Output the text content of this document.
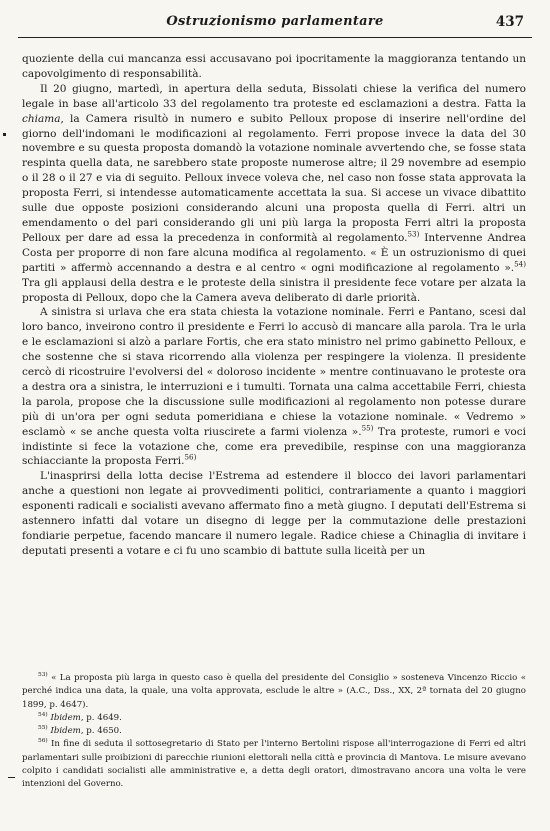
Ostruzionismo parlamentare	437

quoziente della cui mancanza essi accusavano poi ipocritamente la maggioranza tentando un capovolgimento di responsabilità.

Il 20 giugno, martedì, in apertura della seduta, Bissolati chiese la verifica del numero legale in base all'articolo 33 del regolamento tra proteste ed esclamazioni a destra. Fatta la chiama, la Camera risultò in numero e subito Pelloux propose di inserire nell'ordine del giorno dell'indomani le modificazioni al regolamento. Ferri propose invece la data del 30 novembre e su questa proposta domandò la votazione nominale avvertendo che, se fosse stata respinta quella data, ne sarebbero state proposte numerose altre; il 29 novembre ad esempio o il 28 o il 27 e via di seguito. Pelloux invece voleva che, nel caso non fosse stata approvata la proposta Ferri, si intendesse automaticamente accettata la sua. Si accese un vivace dibattito sulle due opposte posizioni considerando alcuni una proposta quella di Ferri. altri un emendamento o del pari considerando gli uni più larga la proposta Ferri altri la proposta Pelloux per dare ad essa la precedenza in conformità al regolamento.$^{53)}$ Intervenne Andrea Costa per proporre di non fare alcuna modifica al regolamento. « È un ostruzionismo di quei partiti » affermò accennando a destra e al centro « ogni modificazione al regolamento ».$^{54)}$ Tra gli applausi della destra e le proteste della sinistra il presidente fece votare per alzata la proposta di Pelloux, dopo che la Camera aveva deliberato di darle priorità.

A sinistra si urlava che era stata chiesta la votazione nominale. Ferri e Pantano, scesi dal loro banco, inveirono contro il presidente e Ferri lo accusò di mancare alla parola. Tra le urla e le esclamazioni si alzò a parlare Fortis, che era stato ministro nel primo gabinetto Pelloux, e che sostenne che si stava ricorrendo alla violenza per respingere la violenza. Il presidente cercò di ricostruire l'evolversi del « doloroso incidente » mentre continuavano le proteste ora a destra ora a sinistra, le interruzioni e i tumulti. Tornata una calma accettabile Ferri, chiesta la parola, propose che la discussione sulle modificazioni al regolamento non potesse durare più di un'ora per ogni seduta pomeridiana e chiese la votazione nominale. « Vedremo » esclamò « se anche questa volta riuscirete a farmi violenza ».$^{55)}$ Tra proteste, rumori e voci indistinte si fece la votazione che, come era prevedibile, respinse con una maggioranza schiacciante la proposta Ferri.$^{56)}$

L'inasprirsi della lotta decise l'Estrema ad estendere il blocco dei lavori parlamentari anche a questioni non legate ai provvedimenti politici, contrariamente a quanto i maggiori esponenti radicali e socialisti avevano affermato fino a metà giugno. I deputati dell'Estrema si astennero infatti dal votare un disegno di legge per la commutazione delle prestazioni fondiarie perpetue, facendo mancare il numero legale. Radice chiese a Chinaglia di invitare i deputati presenti a votare e ci fu uno scambio di battute sulla liceità per un

$^{53)}$ « La proposta più larga in questo caso è quella del presidente del Consiglio » sosteneva Vincenzo Riccio « perché indica una data, la quale, una volta approvata, esclude le altre » (A.C., Dss., XX, 2ª tornata del 20 giugno 1899, p. 4647).

$^{54)}$ Ibidem, p. 4649.

$^{55)}$ Ibidem, p. 4650.

$^{56)}$ In fine di seduta il sottosegretario di Stato per l'interno Bertolini rispose all'interrogazione di Ferri ed altri parlamentari sulle proibizioni di parecchie riunioni elettorali nella città e provincia di Mantova. Le misure avevano colpito i candidati socialisti alle amministrative e, a detta degli oratori, dimostravano ancora una volta le vere intenzioni del Governo.
